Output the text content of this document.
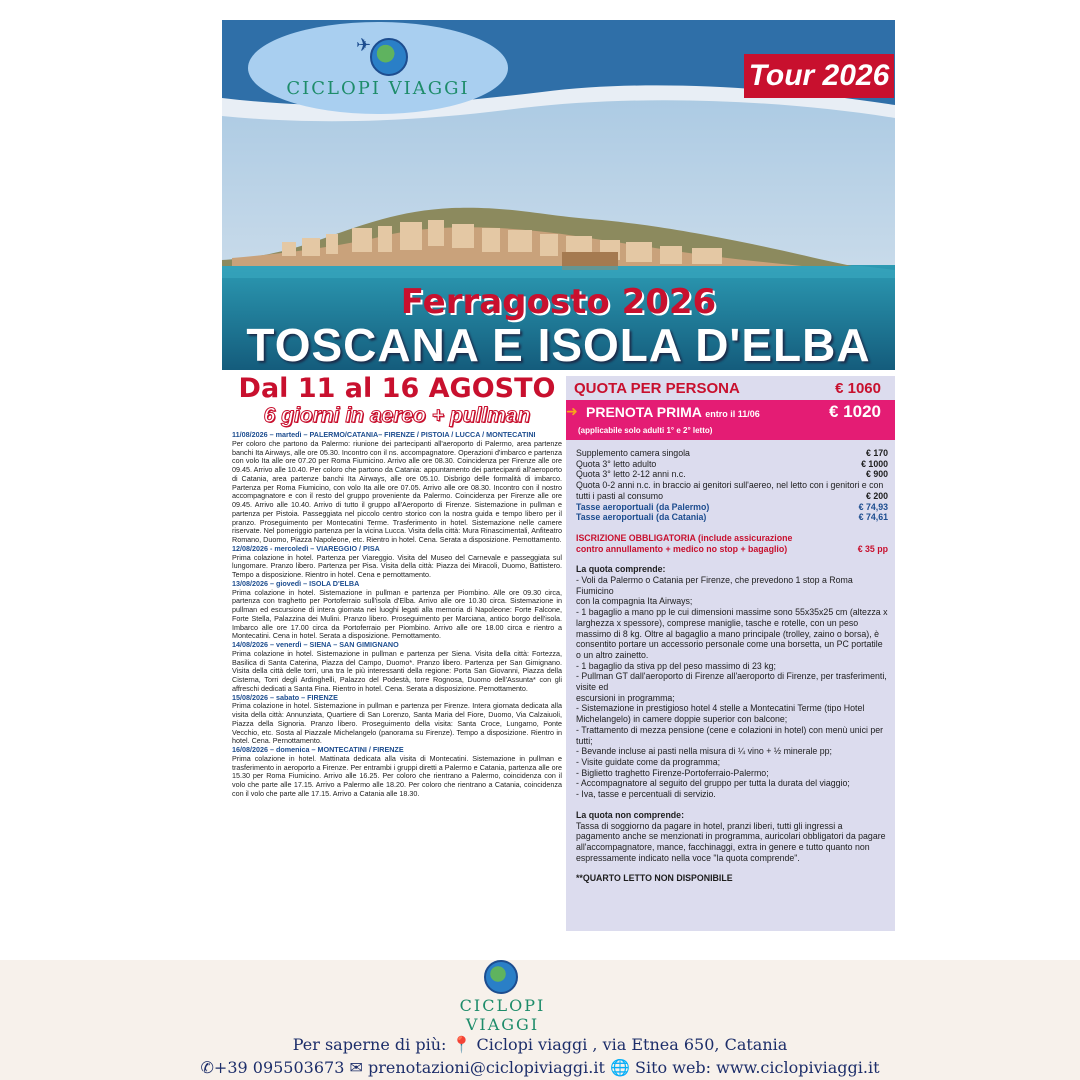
✈
CICLOPI VIAGGI	Tour 2026
Ferragosto 2026
TOSCANA E ISOLA D'ELBA

Dal 11 al 16 AGOSTO

6 giorni in aereo + pullman

11/08/2026 – martedì – PALERMO/CATANIA– FIRENZE / PISTOIA / LUCCA / MONTECATINI

Per coloro che partono da Palermo: riunione dei partecipanti all'aeroporto di Palermo, area partenze banchi Ita Airways, alle ore 05.30. Incontro con il ns. accompagnatore. Operazioni d'imbarco e partenza con volo Ita alle ore 07.20 per Roma Fiumicino. Arrivo alle ore 08.30. Coincidenza per Firenze alle ore 09.45. Arrivo alle 10.40. Per coloro che partono da Catania: appuntamento dei partecipanti all'aeroporto di Catania, area partenze banchi Ita Airways, alle ore 05.10. Disbrigo delle formalità di imbarco. Partenza per Roma Fiumicino, con volo Ita alle ore 07.05. Arrivo alle ore 08.30. Incontro con il nostro accompagnatore e con il resto del gruppo proveniente da Palermo. Coincidenza per Firenze alle ore 09.45. Arrivo alle 10.40. Arrivo di tutto il gruppo all'Aeroporto di Firenze. Sistemazione in pullman e partenza per Pistoia. Passeggiata nel piccolo centro storico con la nostra guida e tempo libero per il pranzo. Proseguimento per Montecatini Terme. Trasferimento in hotel. Sistemazione nelle camere riservate. Nel pomeriggio partenza per la vicina Lucca. Visita della città: Mura Rinascimentali, Anfiteatro Romano, Duomo, Piazza Napoleone, etc. Rientro in hotel. Cena. Serata a disposizione. Pernottamento.

12/08/2026 - mercoledì – VIAREGGIO / PISA

Prima colazione in hotel. Partenza per Viareggio. Visita del Museo del Carnevale e passeggiata sul lungomare. Pranzo libero. Partenza per Pisa. Visita della città: Piazza dei Miracoli, Duomo, Battistero. Tempo a disposizione. Rientro in hotel. Cena e pernottamento.

13/08/2026 – giovedì – ISOLA D'ELBA

Prima colazione in hotel. Sistemazione in pullman e partenza per Piombino. Alle ore 09.30 circa, partenza con traghetto per Portoferraio sull'isola d'Elba. Arrivo alle ore 10.30 circa. Sistemazione in pullman ed escursione di intera giornata nei luoghi legati alla memoria di Napoleone: Forte Falcone, Forte Stella, Palazzina dei Mulini. Pranzo libero. Proseguimento per Marciana, antico borgo dell'isola. Imbarco alle ore 17.00 circa da Portoferraio per Piombino. Arrivo alle ore 18.00 circa e rientro a Montecatini. Cena in hotel. Serata a disposizione. Pernottamento.

14/08/2026 – venerdì – SIENA – SAN GIMIGNANO

Prima colazione in hotel. Sistemazione in pullman e partenza per Siena. Visita della città: Fortezza, Basilica di Santa Caterina, Piazza del Campo, Duomo*. Pranzo libero. Partenza per San Gimignano. Visita della città delle torri, una tra le più interessanti della regione: Porta San Giovanni, Piazza della Cisterna, Torri degli Ardinghelli, Palazzo del Podestà, torre Rognosa, Duomo dell'Assunta* con gli affreschi dedicati a Santa Fina. Rientro in hotel. Cena. Serata a disposizione. Pernottamento.

15/08/2026 – sabato – FIRENZE

Prima colazione in hotel. Sistemazione in pullman e partenza per Firenze. Intera giornata dedicata alla visita della città: Annunziata, Quartiere di San Lorenzo, Santa Maria del Fiore, Duomo, Via Calzaiuoli, Piazza della Signoria. Pranzo libero. Proseguimento della visita: Santa Croce, Lungarno, Ponte Vecchio, etc. Sosta al Piazzale Michelangelo (panorama su Firenze). Tempo a disposizione. Rientro in hotel. Cena. Pernottamento.

16/08/2026 – domenica – MONTECATINI / FIRENZE

Prima colazione in hotel. Mattinata dedicata alla visita di Montecatini. Sistemazione in pullman e trasferimento in aeroporto a Firenze. Per entrambi i gruppi diretti a Palermo e Catania, partenza alle ore 15.30 per Roma Fiumicino. Arrivo alle 16.25. Per coloro che rientrano a Palermo, coincidenza con il volo che parte alle 17.15. Arrivo a Palermo alle 18.20. Per coloro che rientrano a Catania, coincidenza con il volo che parte alle 17.15. Arrivo a Catania alle 18.30.

QUOTA PER PERSONA	€ 1060
➜ PRENOTA PRIMA entro il 11/06	€ 1020
(applicabile solo adulti 1° e 2° letto)
Supplemento camera singola	€ 170
Quota 3° letto adulto	€ 1000
Quota 3° letto 2-12 anni n.c.	€ 900
Quota 0-2 anni n.c. in braccio ai genitori sull'aereo, nel letto con i genitori e con tutti i pasti al consumo	€ 200
Tasse aeroportuali (da Palermo)	€ 74,93
Tasse aeroportuali (da Catania)	€ 74,61
ISCRIZIONE OBBLIGATORIA (include assicurazione
contro annullamento + medico no stop + bagaglio)	€ 35 pp
La quota comprende:

- Voli da Palermo o Catania per Firenze, che prevedono 1 stop a Roma Fiumicino

con la compagnia Ita Airways;

- 1 bagaglio a mano pp le cui dimensioni massime sono 55x35x25 cm (altezza x larghezza x spessore), comprese maniglie, tasche e rotelle, con un peso massimo di 8 kg. Oltre al bagaglio a mano principale (trolley, zaino o borsa), è consentito portare un accessorio personale come una borsetta, un PC portatile o un altro zainetto.

- 1 bagaglio da stiva pp del peso massimo di 23 kg;

- Pullman GT dall'aeroporto di Firenze all'aeroporto di Firenze, per trasferimenti, visite ed

escursioni in programma;

- Sistemazione in prestigioso hotel 4 stelle a Montecatini Terme (tipo Hotel Michelangelo) in camere doppie superior con balcone;

- Trattamento di mezza pensione (cene e colazioni in hotel) con menù unici per tutti;

- Bevande incluse ai pasti nella misura di ¼ vino + ½ minerale pp;

- Visite guidate come da programma;

- Biglietto traghetto Firenze-Portoferraio-Palermo;

- Accompagnatore al seguito del gruppo per tutta la durata del viaggio;

- Iva, tasse e percentuali di servizio.

La quota non comprende:

Tassa di soggiorno da pagare in hotel, pranzi liberi, tutti gli ingressi a pagamento anche se menzionati in programma, auricolari obbligatori da pagare all'accompagnatore, mance, facchinaggi, extra in genere e tutto quanto non espressamente indicato nella voce "la quota comprende".

**QUARTO LETTO NON DISPONIBILE
CICLOPI VIAGGI
Per saperne di più: 📍 Ciclopi viaggi , via Etnea 650, Catania
✆+39 095503673 ✉ prenotazioni@ciclopiviaggi.it 🌐 Sito web: www.ciclopiviaggi.it
